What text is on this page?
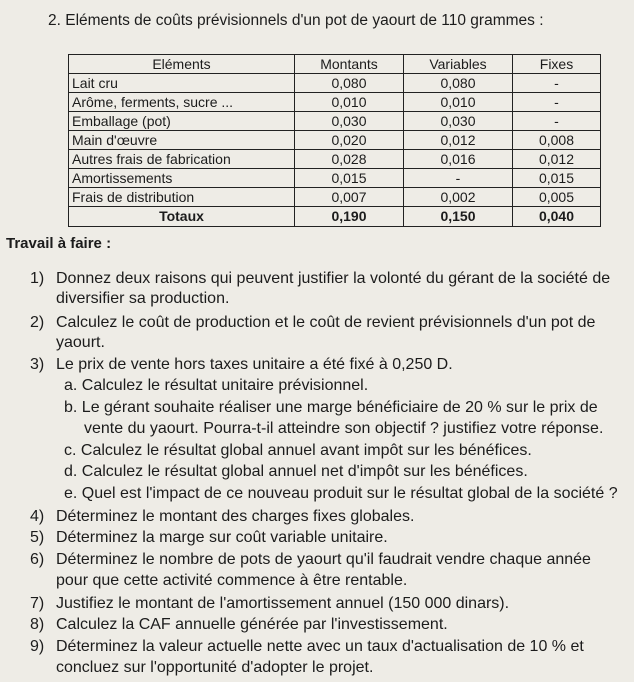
2. Eléments de coûts prévisionnels d'un pot de yaourt de 110 grammes :
Eléments	Montants	Variables	Fixes
Lait cru	0,080	0,080	-
Arôme, ferments, sucre ...	0,010	0,010	-
Emballage (pot)	0,030	0,030	-
Main d'œuvre	0,020	0,012	0,008
Autres frais de fabrication	0,028	0,016	0,012
Amortissements	0,015	-	0,015
Frais de distribution	0,007	0,002	0,005
Totaux	0,190	0,150	0,040
Travail à faire :
1) Donnez deux raisons qui peuvent justifier la volonté du gérant de la société de
diversifier sa production.
2) Calculez le coût de production et le coût de revient prévisionnels d'un pot de
yaourt.
3) Le prix de vente hors taxes unitaire a été fixé à 0,250 D.
a. Calculez le résultat unitaire prévisionnel.
b. Le gérant souhaite réaliser une marge bénéficiaire de 20 % sur le prix de
vente du yaourt. Pourra-t-il atteindre son objectif ? justifiez votre réponse.
c. Calculez le résultat global annuel avant impôt sur les bénéfices.
d. Calculez le résultat global annuel net d'impôt sur les bénéfices.
e. Quel est l'impact de ce nouveau produit sur le résultat global de la société ?
4) Déterminez le montant des charges fixes globales.
5) Déterminez la marge sur coût variable unitaire.
6) Déterminez le nombre de pots de yaourt qu'il faudrait vendre chaque année
pour que cette activité commence à être rentable.
7) Justifiez le montant de l'amortissement annuel (150 000 dinars).
8) Calculez la CAF annuelle générée par l'investissement.
9) Déterminez la valeur actuelle nette avec un taux d'actualisation de 10 % et
concluez sur l'opportunité d'adopter le projet.
